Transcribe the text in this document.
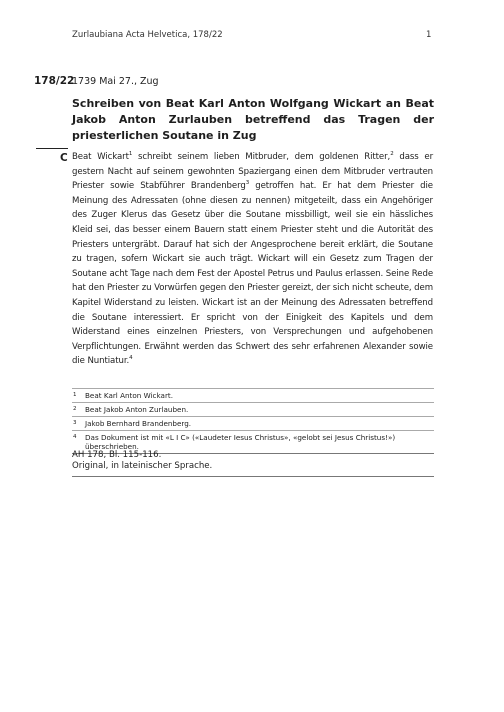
Zurlaubiana Acta Helvetica, 178/22	1
178/22
1739 Mai 27., Zug
Schreiben von Beat Karl Anton Wolfgang Wickart an Beat Jakob Anton Zurlauben betreffend das Tragen der priesterlichen Soutane in Zug
C Beat Wickart$^1$ schreibt seinem lieben Mitbruder, dem goldenen Ritter,$^2$ dass er gestern Nacht auf seinem gewohnten Spaziergang einen dem Mitbruder vertrauten Priester sowie Stabführer Brandenberg$^3$ getroffen hat. Er hat dem Priester die Meinung des Adressaten (ohne diesen zu nennen) mitgeteilt, dass ein Angehöriger des Zuger Klerus das Gesetz über die Soutane missbilligt, weil sie ein hässliches Kleid sei, das besser einem Bauern statt einem Priester steht und die Autorität des Priesters untergräbt. Darauf hat sich der Angesprochene bereit erklärt, die Soutane zu tragen, sofern Wickart sie auch trägt. Wickart will ein Gesetz zum Tragen der Soutane acht Tage nach dem Fest der Apostel Petrus und Paulus erlassen. Seine Rede hat den Priester zu Vorwürfen gegen den Priester gereizt, der sich nicht scheute, dem Kapitel Widerstand zu leisten. Wickart ist an der Meinung des Adressaten betreffend die Soutane interessiert. Er spricht von der Einigkeit des Kapitels und dem Widerstand eines einzelnen Priesters, von Versprechungen und aufgehobenen Verpflichtungen. Erwähnt werden das Schwert des sehr erfahrenen Alexander sowie die Nuntiatur.$^4$
1	Beat Karl Anton Wickart.
2	Beat Jakob Anton Zurlauben.
3	Jakob Bernhard Brandenberg.
4	Das Dokument ist mit «L I C» («Laudeter Iesus Christus», «gelobt sei Jesus Christus!») überschrieben.
AH 178, Bl. 115-116.
Original, in lateinischer Sprache.
